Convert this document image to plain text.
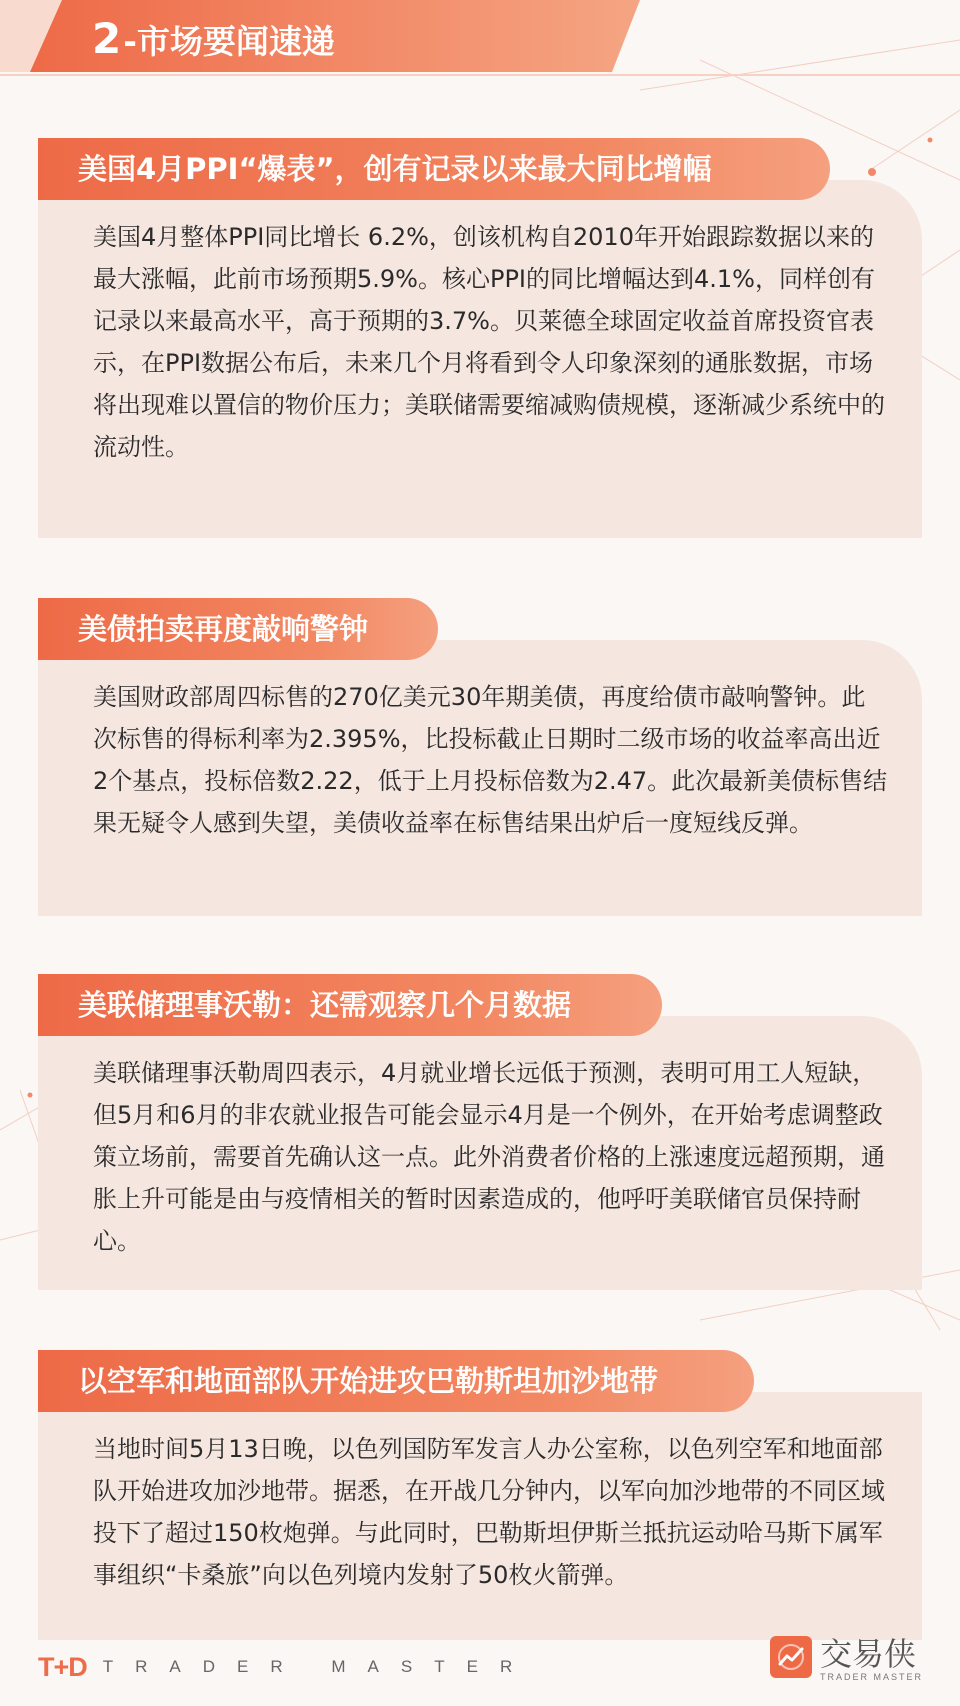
2 -市场要闻速递
美国4月PPI“爆表”，创有记录以来最大同比增幅
美国4月整体PPI同比增长 6.2%，创该机构自2010年开始跟踪数据以来的最大涨幅，此前市场预期5.9%。核心PPI的同比增幅达到4.1%，同样创有记录以来最高水平，高于预期的3.7%。贝莱德全球固定收益首席投资官表示，在PPI数据公布后，未来几个月将看到令人印象深刻的通胀数据，市场将出现难以置信的物价压力；美联储需要缩减购债规模，逐渐减少系统中的流动性。
美债拍卖再度敲响警钟
美国财政部周四标售的270亿美元30年期美债，再度给债市敲响警钟。此次标售的得标利率为2.395%，比投标截止日期时二级市场的收益率高出近2个基点，投标倍数2.22，低于上月投标倍数为2.47。此次最新美债标售结果无疑令人感到失望，美债收益率在标售结果出炉后一度短线反弹。
美联储理事沃勒：还需观察几个月数据
美联储理事沃勒周四表示，4月就业增长远低于预测，表明可用工人短缺，但5月和6月的非农就业报告可能会显示4月是一个例外，在开始考虑调整政策立场前，需要首先确认这一点。此外消费者价格的上涨速度远超预期，通胀上升可能是由与疫情相关的暂时因素造成的，他呼吁美联储官员保持耐心。
以空军和地面部队开始进攻巴勒斯坦加沙地带
当地时间5月13日晚，以色列国防军发言人办公室称，以色列空军和地面部队开始进攻加沙地带。据悉，在开战几分钟内，以军向加沙地带的不同区域投下了超过150枚炮弹。与此同时，巴勒斯坦伊斯兰抵抗运动哈马斯下属军事组织“卡桑旅”向以色列境内发射了50枚火箭弹。
T+D TRADER MASTER	交易侠
TRADER MASTER
